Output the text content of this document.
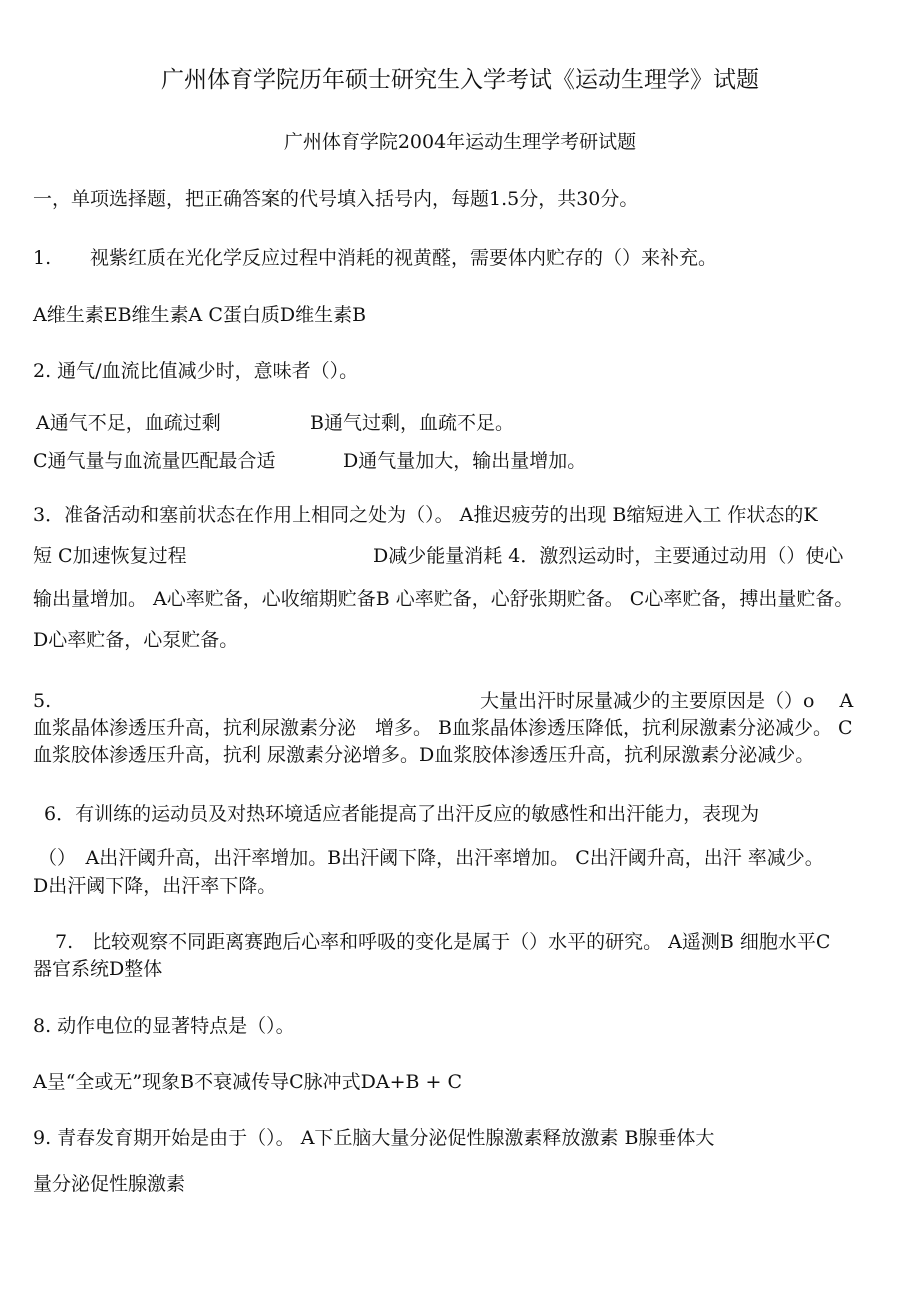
广州体育学院历年硕士研究生入学考试《运动生理学》试题
广州体育学院2004年运动生理学考研试题
一，单项选择题，把正确答案的代号填入括号内，每题1.5分，共30分。
1. 视紫红质在光化学反应过程中消耗的视黄醛，需要体内贮存的（）来补充。
A维生素EB维生素A C蛋白质D维生素B
2. 通气/血流比值减少时，意味者（）。
A通气不足，血疏过剩	B通气过剩，血疏不足。
C通气量与血流量匹配最合适	D通气量加大，输出量增加。
3．准备活动和塞前状态在作用上相同之处为（）。 A推迟疲劳的出现 B缩短进入工 作状态的K
短 C加速恢复过程	D减少能量消耗 4．激烈运动时，主要通过动用（）使心
输出量增加。 A心率贮备，心收缩期贮备B 心率贮备，心舒张期贮备。 C心率贮备，搏出量贮备。
D心率贮备，心泵贮备。
5.	大量出汗时尿量减少的主要原因是（）o　 A
血浆晶体渗透压升高，抗利尿激素分泌　增多。 B血浆晶体渗透压降低，抗利尿激素分泌减少。 C
血浆胶体渗透压升高，抗利 尿激素分泌增多。D血浆胶体渗透压升高，抗利尿激素分泌减少。
6．有训练的运动员及对热环境适应者能提高了出汗反应的敏感性和出汗能力，表现为
（）　A出汗阈升高，出汗率增加。B出汗阈下降，出汗率增加。 C出汗阈升高，出汗 率减少。
D出汗阈下降，出汗率下降。
7.　比较观察不同距离赛跑后心率和呼吸的变化是属于（）水平的研究。 A遥测B 细胞水平C
器官系统D整体
8. 动作电位的显著特点是（）。
A呈“全或无”现象B不衰减传导C脉冲式DA+B + C
9. 青春发育期开始是由于（）。 A下丘脑大量分泌促性腺激素释放激素 B腺垂体大
量分泌促性腺激素
